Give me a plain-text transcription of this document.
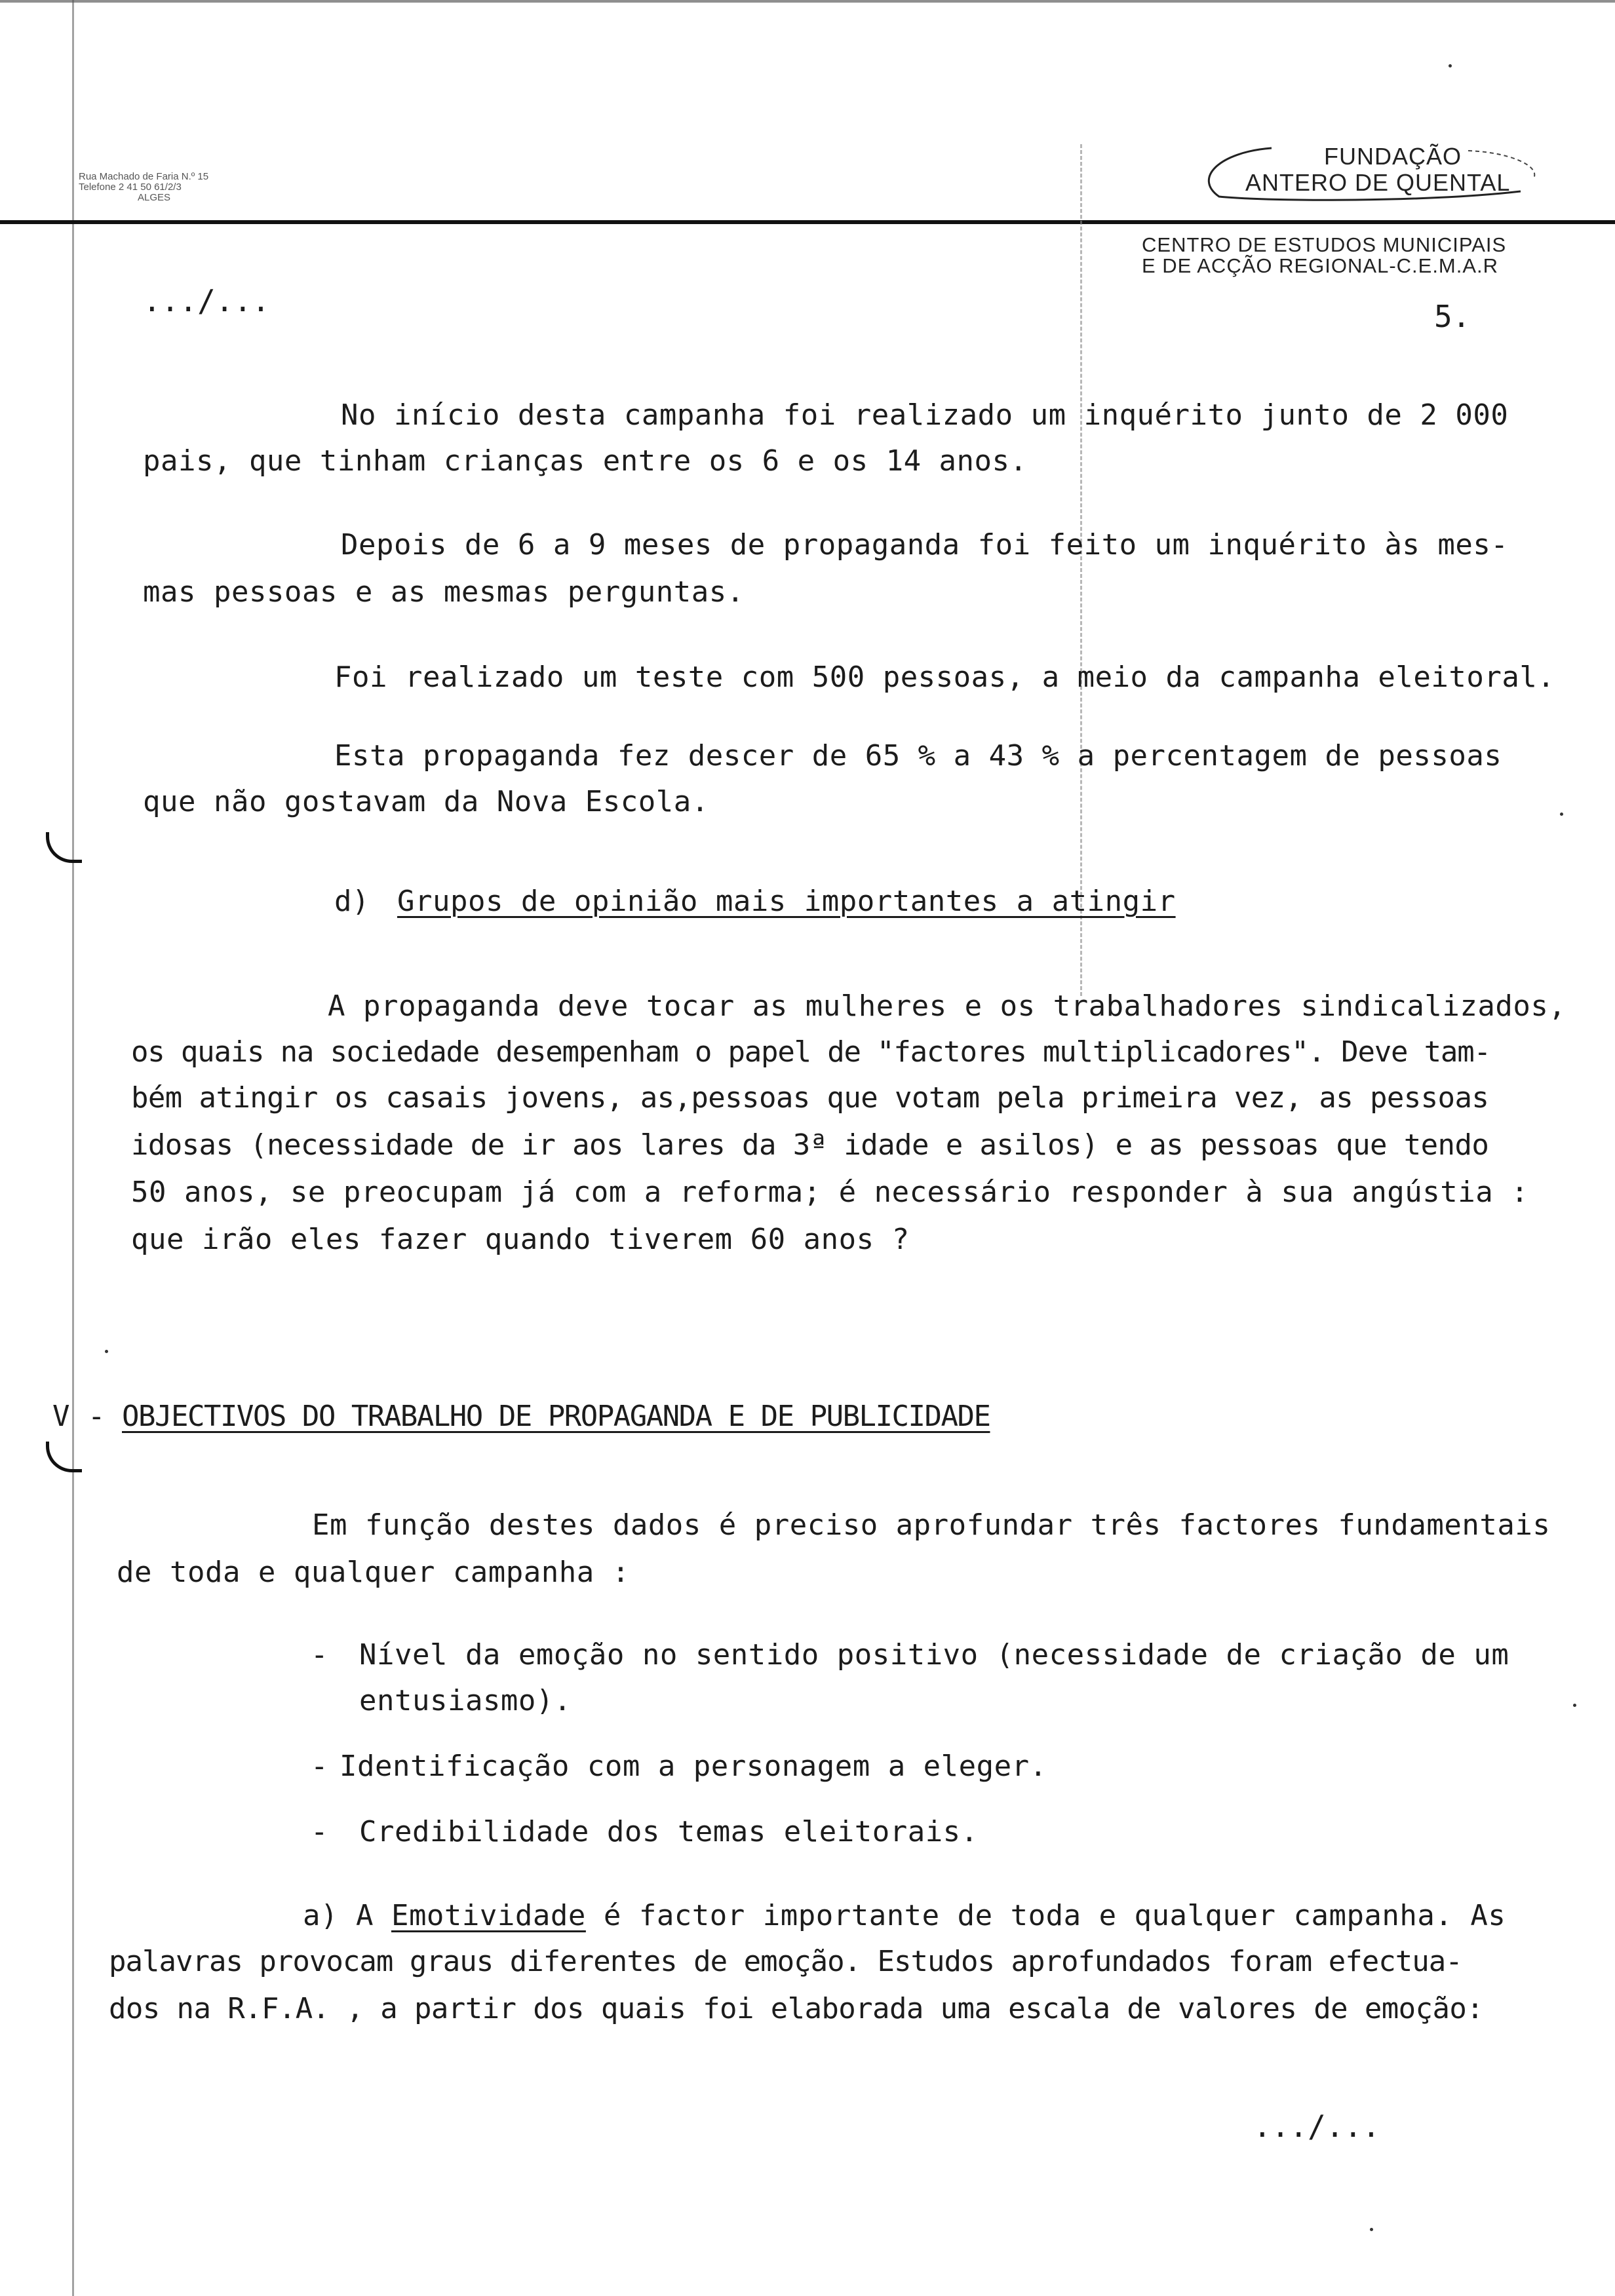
Rua Machado de Faria N.º 15
Telefone 2 41 50 61/2/3
ALGES
FUNDAÇÃO
ANTERO DE QUENTAL
CENTRO DE ESTUDOS MUNICIPAIS
E DE ACÇÃO REGIONAL-C.E.M.A.R
.../...	5.
No início desta campanha foi realizado um inquérito junto de 2 000
pais, que tinham crianças entre os 6 e os 14 anos.
Depois de 6 a 9 meses de propaganda foi feito um inquérito às mes-
mas pessoas e as mesmas perguntas.
Foi realizado um teste com 500 pessoas, a meio da campanha eleitoral.
Esta propaganda fez descer de 65 % a 43 % a percentagem de pessoas
que não gostavam da Nova Escola.
d) Grupos de opinião mais importantes a atingir
A propaganda deve tocar as mulheres e os trabalhadores sindicalizados,
os quais na sociedade desempenham o papel de "factores multiplicadores". Deve tam-
bém atingir os casais jovens, as,pessoas que votam pela primeira vez, as pessoas
idosas (necessidade de ir aos lares da 3ª idade e asilos) e as pessoas que tendo
50 anos, se preocupam já com a reforma; é necessário responder à sua angústia :
que irão eles fazer quando tiverem 60 anos ?
V - OBJECTIVOS DO TRABALHO DE PROPAGANDA E DE PUBLICIDADE
Em função destes dados é preciso aprofundar três factores fundamentais
de toda e qualquer campanha :
- Nível da emoção no sentido positivo (necessidade de criação de um
entusiasmo).
- Identificação com a personagem a eleger.
- Credibilidade dos temas eleitorais.
a) A Emotividade é factor importante de toda e qualquer campanha. As
palavras provocam graus diferentes de emoção. Estudos aprofundados foram efectua-
dos na R.F.A. , a partir dos quais foi elaborada uma escala de valores de emoção:
.../...
